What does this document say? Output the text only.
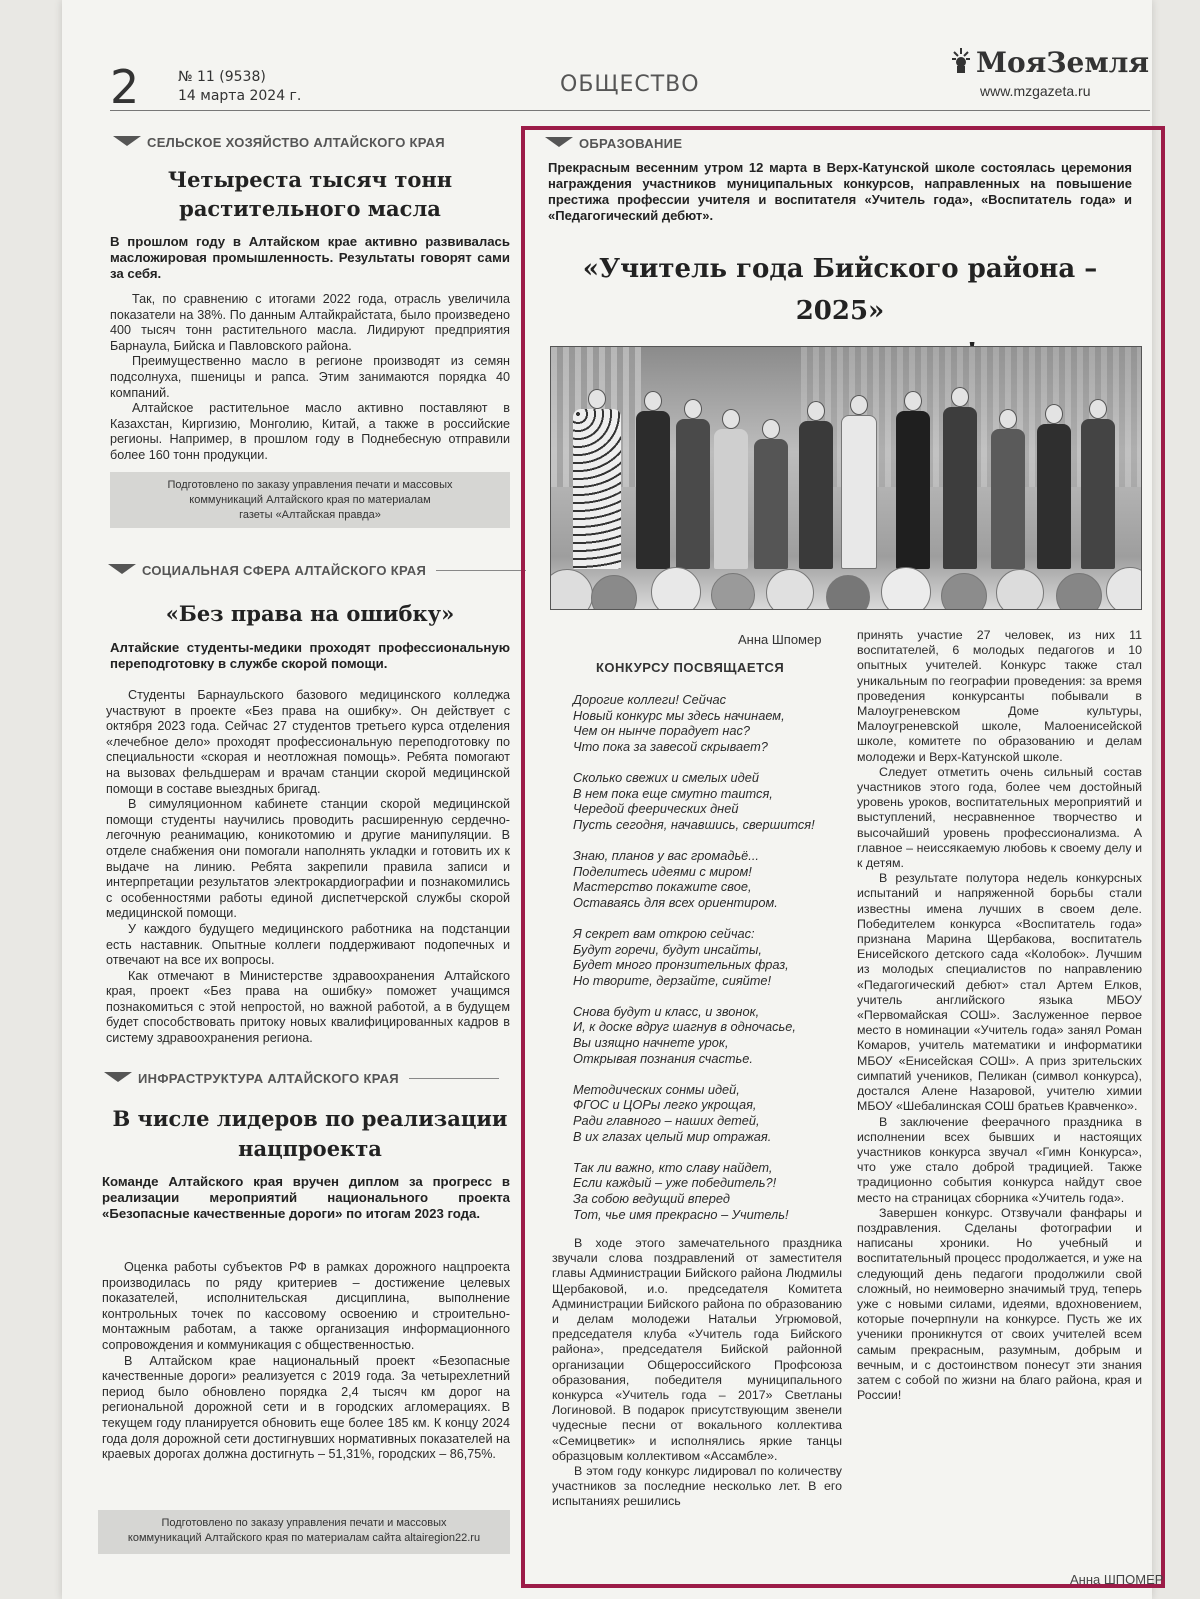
2	№ 11 (9538)
14 марта 2024 г.	ОБЩЕСТВО
МояЗемля
www.mzgazeta.ru
СЕЛЬСКОЕ ХОЗЯЙСТВО АЛТАЙСКОГО КРАЯ
Четыреста тысяч тонн
растительного масла
В прошлом году в Алтайском крае активно развивалась масложировая промышленность. Результаты говорят сами за себя.

Так, по сравнению с итогами 2022 года, отрасль увеличила показатели на 38%. По данным Алтайкрайстата, было произведено 400 тысяч тонн растительного масла. Лидируют предприятия Барнаула, Бийска и Павловского района.

Преимущественно масло в регионе производят из семян подсолнуха, пшеницы и рапса. Этим занимаются порядка 40 компаний.

Алтайское растительное масло активно поставляют в Казахстан, Киргизию, Монголию, Китай, а также в российские регионы. Например, в прошлом году в Поднебесную отправили более 160 тонн продукции.

Подготовлено по заказу управления печати и массовых
коммуникаций Алтайского края по материалам
газеты «Алтайская правда»
СОЦИАЛЬНАЯ СФЕРА АЛТАЙСКОГО КРАЯ
«Без права на ошибку»
Алтайские студенты-медики проходят профессиональную переподготовку в службе скорой помощи.

Студенты Барнаульского базового медицинского колледжа участвуют в проекте «Без права на ошибку». Он действует с октября 2023 года. Сейчас 27 студентов третьего курса отделения «лечебное дело» проходят профессиональную переподготовку по специальности «скорая и неотложная помощь». Ребята помогают на вызовах фельдшерам и врачам станции скорой медицинской помощи в составе выездных бригад.

В симуляционном кабинете станции скорой медицинской помощи студенты научились проводить расширенную сердечно-легочную реанимацию, коникотомию и другие манипуляции. В отделе снабжения они помогали наполнять укладки и готовить их к выдаче на линию. Ребята закрепили правила записи и интерпретации результатов электрокардиографии и познакомились с особенностями работы единой диспетчерской службы скорой медицинской помощи.

У каждого будущего медицинского работника на подстанции есть наставник. Опытные коллеги поддерживают подопечных и отвечают на все их вопросы.

Как отмечают в Министерстве здравоохранения Алтайского края, проект «Без права на ошибку» поможет учащимся познакомиться с этой непростой, но важной работой, а в будущем будет способствовать притоку новых квалифицированных кадров в систему здравоохранения региона.

ИНФРАСТРУКТУРА АЛТАЙСКОГО КРАЯ
В числе лидеров по реализации
нацпроекта
Команде Алтайского края вручен диплом за прогресс в реализации мероприятий национального проекта «Безопасные качественные дороги» по итогам 2023 года.

Оценка работы субъектов РФ в рамках дорожного нацпроекта производилась по ряду критериев – достижение целевых показателей, исполнительская дисциплина, выполнение контрольных точек по кассовому освоению и строительно-монтажным работам, а также организация информационного сопровождения и коммуникация с общественностью.

В Алтайском крае национальный проект «Безопасные качественные дороги» реализуется с 2019 года. За четырехлетний период было обновлено порядка 2,4 тысяч км дорог на региональной дорожной сети и в городских агломерациях. В текущем году планируется обновить еще более 185 км. К концу 2024 года доля дорожной сети достигнувших нормативных показателей на краевых дорогах должна достигнуть – 51,31%, городских – 86,75%.

Подготовлено по заказу управления печати и массовых
коммуникаций Алтайского края по материалам сайта altairegion22.ru
ОБРАЗОВАНИЕ
Прекрасным весенним утром 12 марта в Верх-Катунской школе состоялась церемония награждения участников муниципальных конкурсов, направленных на повышение престижа профессии учителя и воспитателя «Учитель года», «Воспитатель года» и «Педагогический дебют».
«Учитель года Бийского района – 2025»
Анна Шпомер
КОНКУРСУ ПОСВЯЩАЕТСЯ

Дорогие коллеги! Сейчас
Новый конкурс мы здесь начинаем,
Чем он нынче порадует нас?
Что пока за завесой скрывает?

Сколько свежих и смелых идей
В нем пока еще смутно таится,
Чередой феерических дней
Пусть сегодня, начавшись, свершится!

Знаю, планов у вас громадьё...
Поделитесь идеями с миром!
Мастерство покажите свое,
Оставаясь для всех ориентиром.

Я секрет вам открою сейчас:
Будут горечи, будут инсайты,
Будет много пронзительных фраз,
Но творите, дерзайте, сияйте!

Снова будут и класс, и звонок,
И, к доске вдруг шагнув в одночасье,
Вы изящно начнете урок,
Открывая познания счастье.

Методических сонмы идей,
ФГОС и ЦОРы легко укрощая,
Ради главного – наших детей,
В их глазах целый мир отражая.

Так ли важно, кто славу найдет,
Если каждый – уже победитель?!
За собою ведущий вперед
Тот, чье имя прекрасно – Учитель!

В ходе этого замечательного праздника звучали слова поздравлений от заместителя главы Администрации Бийского района Людмилы Щербаковой, и.о. председателя Комитета Администрации Бийского района по образованию и делам молодежи Натальи Угрюмовой, председателя клуба «Учитель года Бийского района», председателя Бийской районной организации Общероссийского Профсоюза образования, победителя муниципального конкурса «Учитель года – 2017» Светланы Логиновой. В подарок присутствующим звенели чудесные песни от вокального коллектива «Семицветик» и исполнялись яркие танцы образцовым коллективом «Ассамбле».

В этом году конкурс лидировал по количеству участников за последние несколько лет. В его испытаниях решились

принять участие 27 человек, из них 11 воспитателей, 6 молодых педагогов и 10 опытных учителей. Конкурс также стал уникальным по географии проведения: за время проведения конкурсанты побывали в Малоугреневском Доме культуры, Малоугреневской школе, Малоенисейской школе, комитете по образованию и делам молодежи и Верх-Катунской школе.

Следует отметить очень сильный состав участников этого года, более чем достойный уровень уроков, воспитательных мероприятий и выступлений, несравненное творчество и высочайший уровень профессионализма. А главное – неиссякаемую любовь к своему делу и к детям.

В результате полутора недель конкурсных испытаний и напряженной борьбы стали известны имена лучших в своем деле. Победителем конкурса «Воспитатель года» признана Марина Щербакова, воспитатель Енисейского детского сада «Колобок». Лучшим из молодых специалистов по направлению «Педагогический дебют» стал Артем Елков, учитель английского языка МБОУ «Первомайская СОШ». Заслуженное первое место в номинации «Учитель года» занял Роман Комаров, учитель математики и информатики МБОУ «Енисейская СОШ». А приз зрительских симпатий учеников, Пеликан (символ конкурса), достался Алене Назаровой, учителю химии МБОУ «Шебалинская СОШ братьев Кравченко».

В заключение феерачного праздника в исполнении всех бывших и настоящих участников конкурса звучал «Гимн Конкурса», что уже стало доброй традицией. Также традиционно события конкурса найдут свое место на страницах сборника «Учитель года».

Завершен конкурс. Отзвучали фанфары и поздравления. Сделаны фотографии и написаны хроники. Но учебный и воспитательный процесс продолжается, и уже на следующий день педагоги продолжили свой сложный, но неимоверно значимый труд, теперь уже с новыми силами, идеями, вдохновением, которые почерпнули на конкурсе. Пусть же их ученики проникнутся от своих учителей всем самым прекрасным, разумным, добрым и вечным, и с достоинством понесут эти знания затем с собой по жизни на благо района, края и России!

Анна ШПОМЕР
